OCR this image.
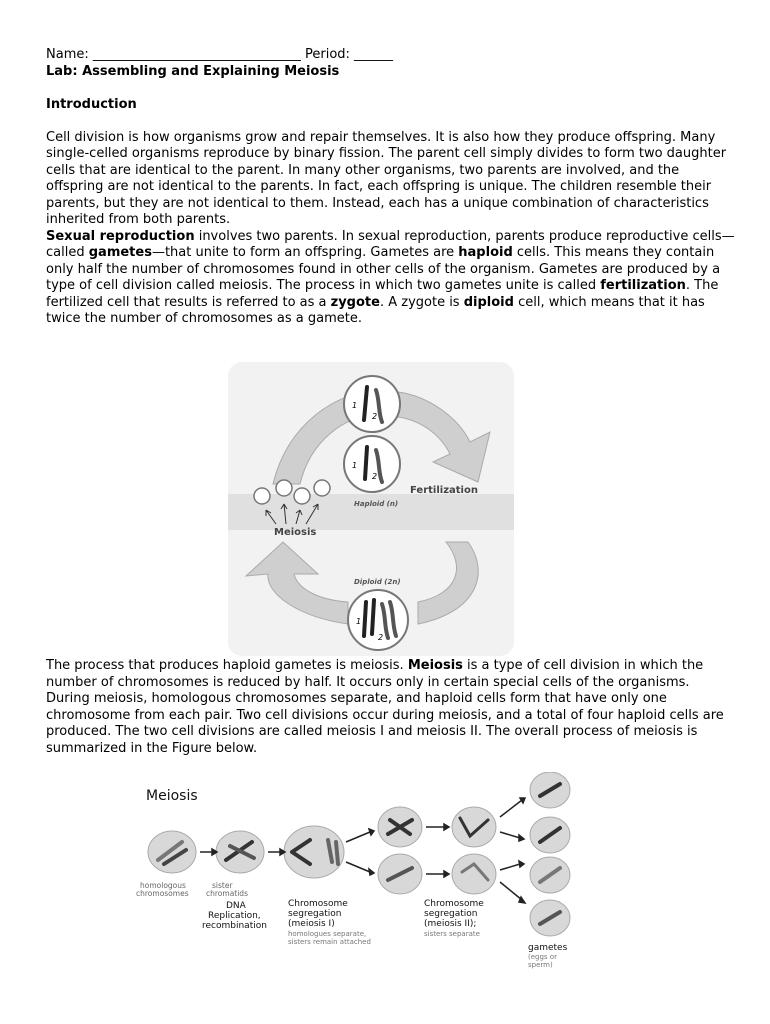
Name: ________________________________ Period: ______
Lab: Assembling and Explaining Meiosis
Introduction

Cell division is how organisms grow and repair themselves. It is also how they produce offspring. Many single-celled organisms reproduce by binary fission. The parent cell simply divides to form two daughter cells that are identical to the parent. In many other organisms, two parents are involved, and the offspring are not identical to the parents. In fact, each offspring is unique. The children resemble their parents, but they are not identical to them. Instead, each has a unique combination of characteristics inherited from both parents.

Sexual reproduction involves two parents. In sexual reproduction, parents produce reproductive cells—called gametes—that unite to form an offspring. Gametes are haploid cells. This means they contain only half the number of chromosomes found in other cells of the organism. Gametes are produced by a type of cell division called meiosis. The process in which two gametes unite is called fertilization. The fertilized cell that results is referred to as a zygote. A zygote is diploid cell, which means that it has twice the number of chromosomes as a gamete.

1
2
1
2
1
2
Fertilization
Haploid (n)
Meiosis
Diploid (2n)
The process that produces haploid gametes is meiosis. Meiosis is a type of cell division in which the number of chromosomes is reduced by half. It occurs only in certain special cells of the organisms. During meiosis, homologous chromosomes separate, and haploid cells form that have only one chromosome from each pair. Two cell divisions occur during meiosis, and a total of four haploid cells are produced. The two cell divisions are called meiosis I and meiosis II. The overall process of meiosis is summarized in the Figure below.
Meiosis
homologous
chromosomes
sister
chromatids
DNA
Replication,
recombination
Chromosome
segregation
(meiosis I)
Chromosome
segregation
(meiosis II);
gametes
homologues separate,
sisters remain attached
sisters separate
(eggs or
sperm)
